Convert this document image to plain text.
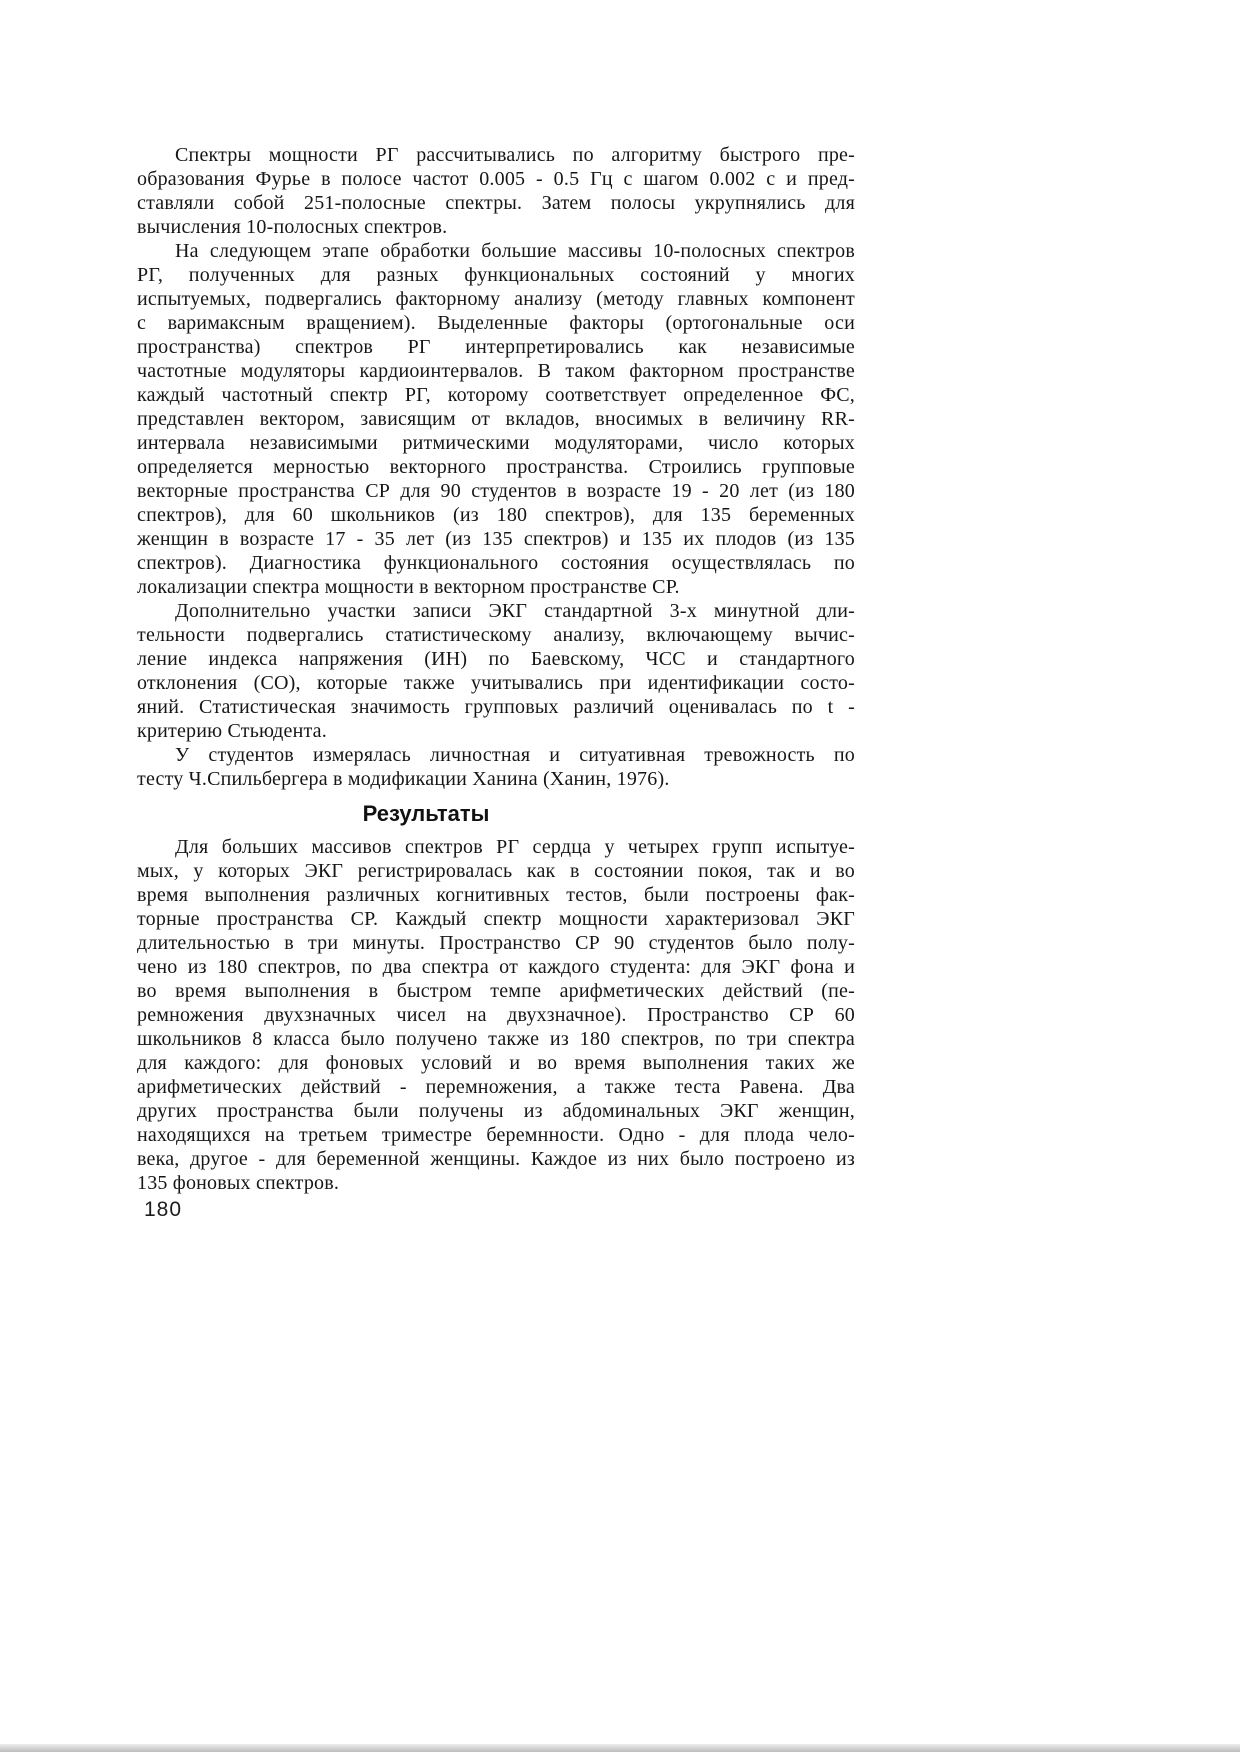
Спектры мощности РГ рассчитывались по алгоритму быстрого пре-
образования Фурье в полосе частот 0.005 - 0.5 Гц с шагом 0.002 с и пред-
ставляли собой 251-полосные спектры. Затем полосы укрупнялись для
вычисления 10-полосных спектров.
На следующем этапе обработки большие массивы 10-полосных спектров
РГ, полученных для разных функциональных состояний у многих
испытуемых, подвергались факторному анализу (методу главных компонент
с варимаксным вращением). Выделенные факторы (ортогональные оси
пространства) спектров РГ интерпретировались как независимые
частотные модуляторы кардиоинтервалов. В таком факторном пространстве
каждый частотный спектр РГ, которому соответствует определенное ФС,
представлен вектором, зависящим от вкладов, вносимых в величину RR-
интервала независимыми ритмическими модуляторами, число которых
определяется мерностью векторного пространства. Строились групповые
векторные пространства СР для 90 студентов в возрасте 19 - 20 лет (из 180
спектров), для 60 школьников (из 180 спектров), для 135 беременных
женщин в возрасте 17 - 35 лет (из 135 спектров) и 135 их плодов (из 135
спектров). Диагностика функционального состояния осуществлялась по
локализации спектра мощности в векторном пространстве СР.
Дополнительно участки записи ЭКГ стандартной 3-х минутной дли-
тельности подвергались статистическому анализу, включающему вычис-
ление индекса напряжения (ИН) по Баевскому, ЧСС и стандартного
отклонения (СО), которые также учитывались при идентификации состо-
яний. Статистическая значимость групповых различий оценивалась по t -
критерию Стьюдента.
У студентов измерялась личностная и ситуативная тревожность по
тесту Ч.Спильбергера в модификации Ханина (Ханин, 1976).
Результаты
Для больших массивов спектров РГ сердца у четырех групп испытуе-
мых, у которых ЭКГ регистрировалась как в состоянии покоя, так и во
время выполнения различных когнитивных тестов, были построены фак-
торные пространства СР. Каждый спектр мощности характеризовал ЭКГ
длительностью в три минуты. Пространство СР 90 студентов было полу-
чено из 180 спектров, по два спектра от каждого студента: для ЭКГ фона и
во время выполнения в быстром темпе арифметических действий (пе-
ремножения двухзначных чисел на двухзначное). Пространство СР 60
школьников 8 класса было получено также из 180 спектров, по три спектра
для каждого: для фоновых условий и во время выполнения таких же
арифметических действий - перемножения, а также теста Равена. Два
других пространства были получены из абдоминальных ЭКГ женщин,
находящихся на третьем триместре беремнности. Одно - для плода чело-
века, другое - для беременной женщины. Каждое из них было построено из
135 фоновых спектров.
180
